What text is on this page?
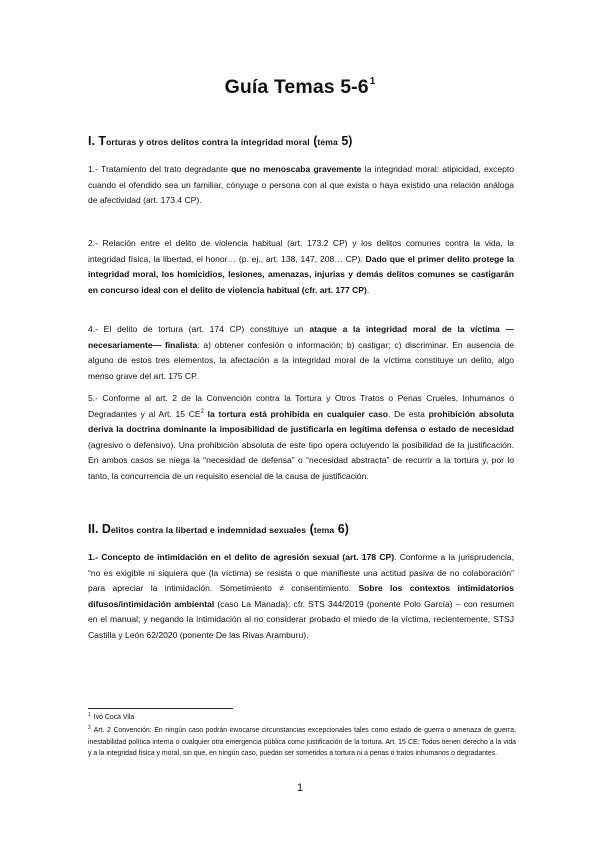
Guía Temas $5-6^1$
I. Torturas y otros delitos contra la integridad moral (tema 5)
1.- Tratamiento del trato degradante que no menoscaba gravemente la integridad moral: atipicidad, excepto cuando el ofendido sea un familiar, cónyuge o persona con al que exista o haya existido una relación análoga de afectividad (art. 173.4 CP).
2.- Relación entre el delito de violencia habitual (art. 173.2 CP) y los delitos comunes contra la vida, la integridad física, la libertad, el honor… (p. ej., art. 138, 147, 208… CP). Dado que el primer delito protege la integridad moral, los homicidios, lesiones, amenazas, injurias y demás delitos comunes se castigarán en concurso ideal con el delito de violencia habitual (cfr. art. 177 CP).
4.- El delito de tortura (art. 174 CP) constituye un ataque a la integridad moral de la víctima —necesariamente— finalista: a) obtener confesión o información; b) castigar; c) discriminar. En ausencia de alguno de estos tres elementos, la afectación a la integridad moral de la víctima constituye un delito, algo menso grave del art. 175 CP.
5.- Conforme al art. 2 de la Convención contra la Tortura y Otros Tratos o Penas Crueles, Inhumanos o Degradantes y al Art. 15 $CE^2$ la tortura está prohibida en cualquier caso. De esta prohibición absoluta deriva la doctrina dominante la imposibilidad de justificarla en legítima defensa o estado de necesidad (agresivo o defensivo). Una prohibición absoluta de este tipo opera ocluyendo la posibilidad de la justificación. En ambos casos se niega la “necesidad de defensa” o “necesidad abstracta” de recurrir a la tortura y, por lo tanto, la concurrencia de un requisito esencial de la causa de justificación.
II. Delitos contra la libertad e indemnidad sexuales (tema 6)
1.- Concepto de intimidación en el delito de agresión sexual (art. 178 CP). Conforme a la jurisprudencia, “no es exigible ni siquiera que (la víctima) se resista o que manifieste una actitud pasiva de no colaboración” para apreciar la intimidación. Sometimiento ≠ consentimiento. Sobre los contextos intimidatorios difusos/intimidación ambiental (caso La Manada): cfr. STS 344/2019 (ponente Polo García) – con resumen en el manual; y negando la intimidación al no considerar probado el miedo de la víctima, recientemente, STSJ Castilla y León 62/2020 (ponente De las Rivas Aramburu).
$^1$ Ivó Coca Vila
$^2$ Art. 2 Convención: En ningún caso podrán invocarse circunstancias excepcionales tales como estado de guerra o amenaza de guerra, inestabilidad política interna o cualquier otra emergencia pública como justificación de la tortura. Art. 15 CE: Todos tienen derecho a la vida y a la integridad física y moral, sin que, en ningún caso, puedan ser sometidos a tortura ni a penas o tratos inhumanos o degradantes.
1
